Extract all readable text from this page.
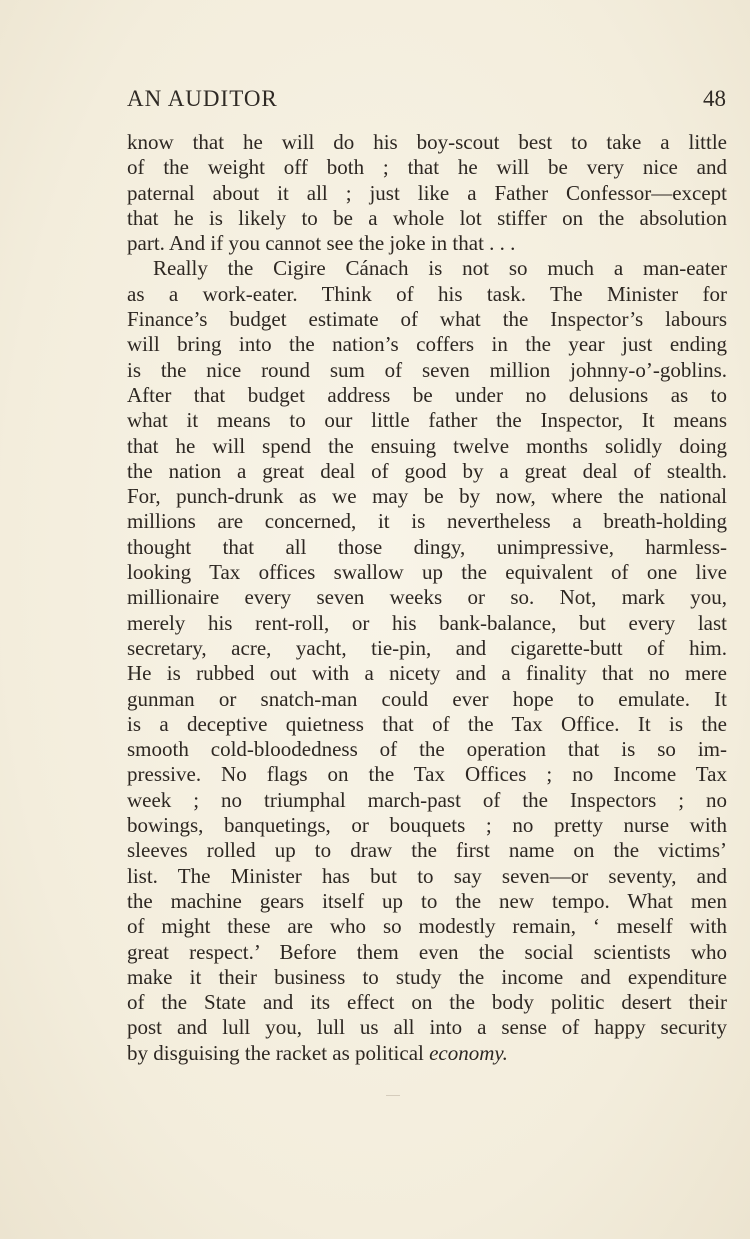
AN AUDITOR	48

know that he will do his boy-scout best to take a little
of the weight off both ; that he will be very nice and
paternal about it all ; just like a Father Confessor—except
that he is likely to be a whole lot stiffer on the absolution
part. And if you cannot see the joke in that . . .

Really the Cigire Cánach is not so much a man-eater
as a work-eater. Think of his task. The Minister for
Finance’s budget estimate of what the Inspector’s labours
will bring into the nation’s coffers in the year just ending
is the nice round sum of seven million johnny-o’-goblins.
After that budget address be under no delusions as to
what it means to our little father the Inspector, It means
that he will spend the ensuing twelve months solidly doing
the nation a great deal of good by a great deal of stealth.
For, punch-drunk as we may be by now, where the national
millions are concerned, it is nevertheless a breath-holding
thought that all those dingy, unimpressive, harmless-
looking Tax offices swallow up the equivalent of one live
millionaire every seven weeks or so. Not, mark you,
merely his rent-roll, or his bank-balance, but every last
secretary, acre, yacht, tie-pin, and cigarette-butt of him.
He is rubbed out with a nicety and a finality that no mere
gunman or snatch-man could ever hope to emulate. It
is a deceptive quietness that of the Tax Office. It is the
smooth cold-bloodedness of the operation that is so im-
pressive. No flags on the Tax Offices ; no Income Tax
week ; no triumphal march-past of the Inspectors ; no
bowings, banquetings, or bouquets ; no pretty nurse with
sleeves rolled up to draw the first name on the victims’
list. The Minister has but to say seven—or seventy, and
the machine gears itself up to the new tempo. What men
of might these are who so modestly remain, ‘ meself with
great respect.’ Before them even the social scientists who
make it their business to study the income and expenditure
of the State and its effect on the body politic desert their
post and lull you, lull us all into a sense of happy security

by disguising the racket as political economy.
